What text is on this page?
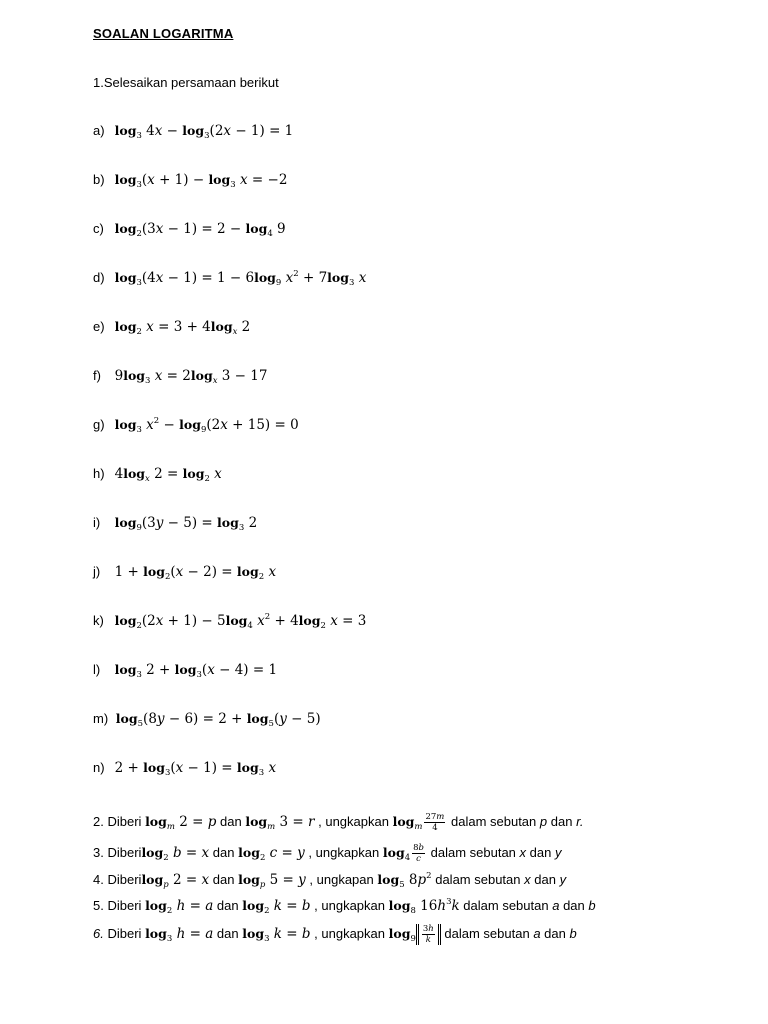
SOALAN LOGARITMA
1.Selesaikan persamaan berikut
a) $\log_3 4x - \log_3(2x - 1) = 1$
b) $\log_3(x + 1) - \log_3 x = -2$
c) $\log_2(3x - 1) = 2 - \log_4 9$
d) $\log_3(4x - 1) = 1 - 6\log_9$ $x^2 + 7\log_3$ x
e) $\log_2 x = 3 + 4\log_x$ 2
f) $9\log_3$ $x = 2\log_x$ 3 − 17
g) $\log_3 x^2 - \log_9(2x + 15) = 0$
h) $4\log_x$ $2 = \log_2 x$
i) $\log_9(3y - 5) = \log_3 2$
j) $1 + \log_2(x - 2) = \log_2 x$
k) $\log_2(2x + 1) - 5\log_4$ $x^2 + 4\log_2$ x = 3
l) $\log_3 2 + \log_3(x - 4) = 1$
m) $\log_5(8y - 6) = 2 + \log_5(y - 5)$
n) $2 + \log_3(x - 1) = \log_3 x$
2. Diberi $\log_m 2 = p$ dan $\log_m 3 = r$ , ungkapkan $\log_m \frac{27m}{4}$ dalam sebutan p dan r.
3. Diberilog$_2$ b = x dan $\log_2 c = y$ , ungkapkan $\log_4 \frac{8b}{c}$ dalam sebutan x dan y
4. Diberilog$_p$ 2 = x dan $\log_p 5 = y$ , ungkapan $\log_5 8p^2$ dalam sebutan x dan y
5. Diberi $\log_2 h = a$ dan $\log_2 k = b$ , ungkapkan $\log_8 16h^3k$ dalam sebutan a dan b
6. Diberi $\log_3 h = a$ dan $\log_3 k = b$ , ungkapkan $\log_9 \frac{3h}{k}$ dalam sebutan a dan b
